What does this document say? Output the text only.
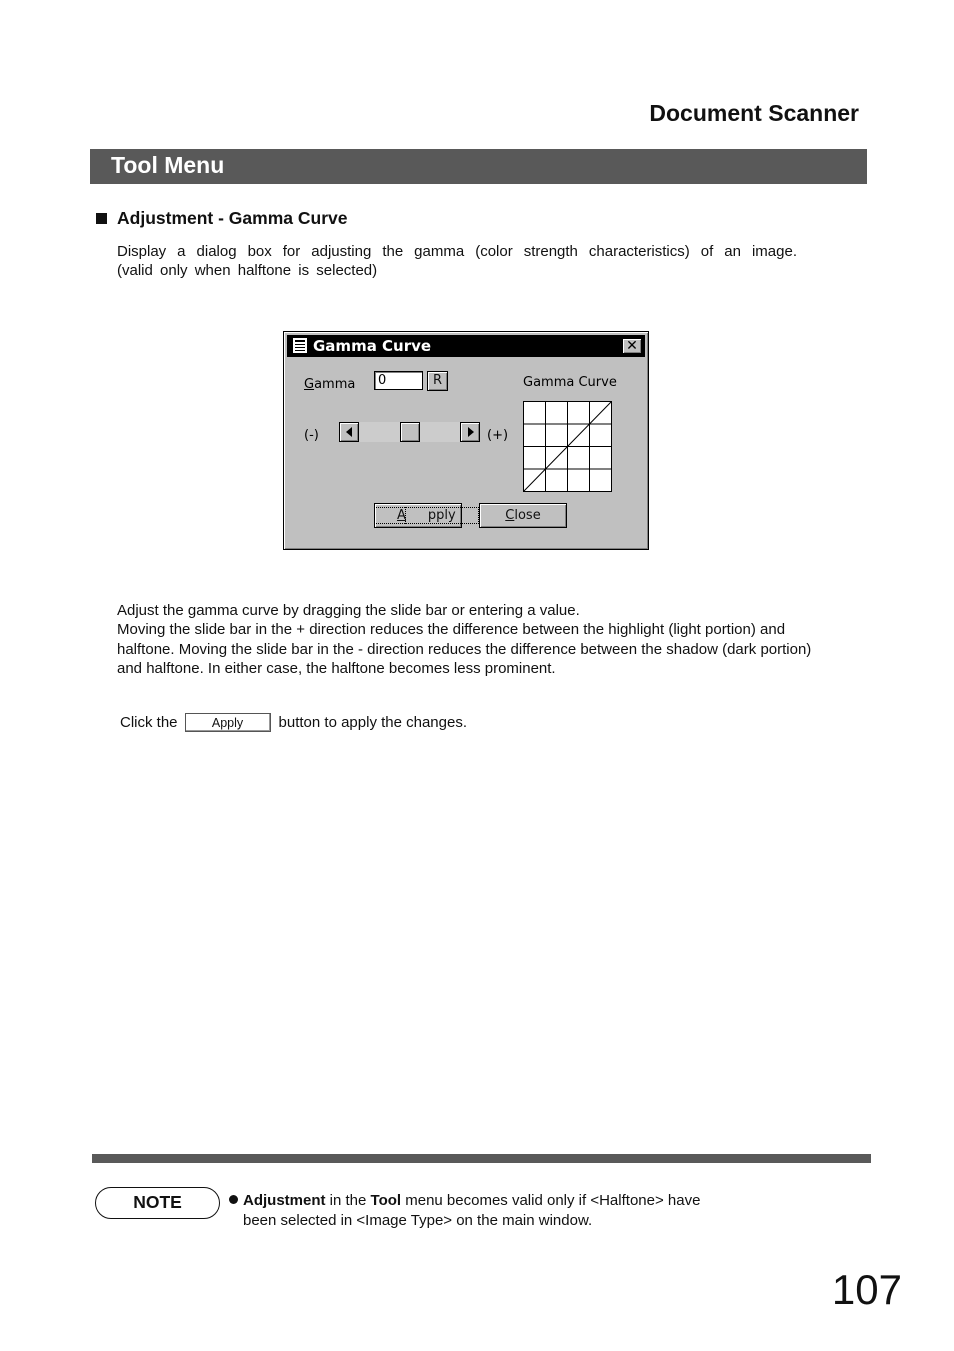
Document Scanner
Tool Menu
Adjustment - Gamma Curve
Display a dialog box for adjusting the gamma (color strength characteristics) of an image.
(valid only when halftone is selected)
Gamma Curve	✕
Gamma	0	R	Gamma Curve
(-)	(+)
A pply	Close
Adjust the gamma curve by dragging the slide bar or entering a value.
Moving the slide bar in the + direction reduces the difference between the highlight (light portion) and
halftone. Moving the slide bar in the - direction reduces the difference between the shadow (dark portion)
and halftone. In either case, the halftone becomes less prominent.
Click the	Apply	button to apply the changes.
NOTE	Adjustment in the Tool menu becomes valid only if <Halftone> have
been selected in <Image Type> on the main window.
107
